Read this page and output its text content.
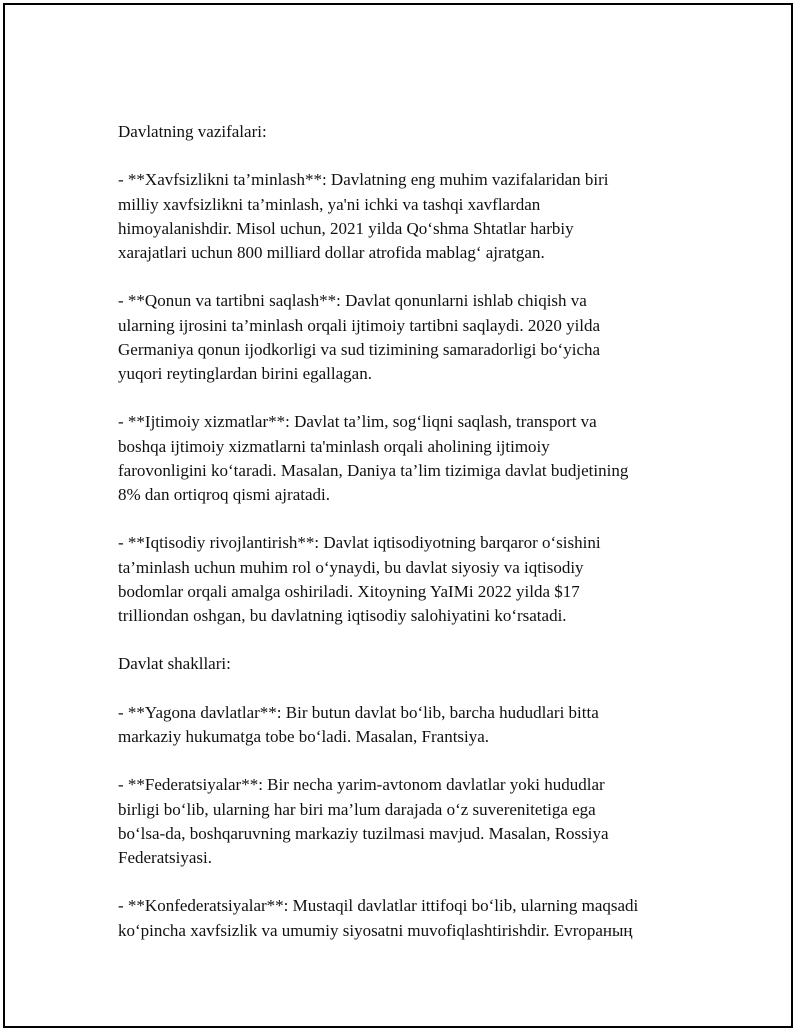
Davlatning vazifalari:

- **Xavfsizlikni ta’minlash**: Davlatning eng muhim vazifalaridan biri
milliy xavfsizlikni ta’minlash, ya'ni ichki va tashqi xavflardan
himoyalanishdir. Misol uchun, 2021 yilda Qo‘shma Shtatlar harbiy
xarajatlari uchun 800 milliard dollar atrofida mablag‘ ajratgan.

- **Qonun va tartibni saqlash**: Davlat qonunlarni ishlab chiqish va
ularning ijrosini ta’minlash orqali ijtimoiy tartibni saqlaydi. 2020 yilda
Germaniya qonun ijodkorligi va sud tizimining samaradorligi bo‘yicha
yuqori reytinglardan birini egallagan.

- **Ijtimoiy xizmatlar**: Davlat ta’lim, sog‘liqni saqlash, transport va
boshqa ijtimoiy xizmatlarni ta'minlash orqali aholining ijtimoiy
farovonligini ko‘taradi. Masalan, Daniya ta’lim tizimiga davlat budjetining
8% dan ortiqroq qismi ajratadi.

- **Iqtisodiy rivojlantirish**: Davlat iqtisodiyotning barqaror o‘sishini
ta’minlash uchun muhim rol o‘ynaydi, bu davlat siyosiy va iqtisodiy
bodomlar orqali amalga oshiriladi. Xitoyning YaIMi 2022 yilda $17
trilliondan oshgan, bu davlatning iqtisodiy salohiyatini ko‘rsatadi.

Davlat shakllari:

- **Yagona davlatlar**: Bir butun davlat bo‘lib, barcha hududlari bitta
markaziy hukumatga tobe bo‘ladi. Masalan, Frantsiya.

- **Federatsiyalar**: Bir necha yarim-avtonom davlatlar yoki hududlar
birligi bo‘lib, ularning har biri ma’lum darajada o‘z suverenitetiga ega
bo‘lsa-da, boshqaruvning markaziy tuzilmasi mavjud. Masalan, Rossiya
Federatsiyasi.

- **Konfederatsiyalar**: Mustaqil davlatlar ittifoqi bo‘lib, ularning maqsadi
ko‘pincha xavfsizlik va umumiy siyosatni muvofiqlashtirishdir. Evropaның
